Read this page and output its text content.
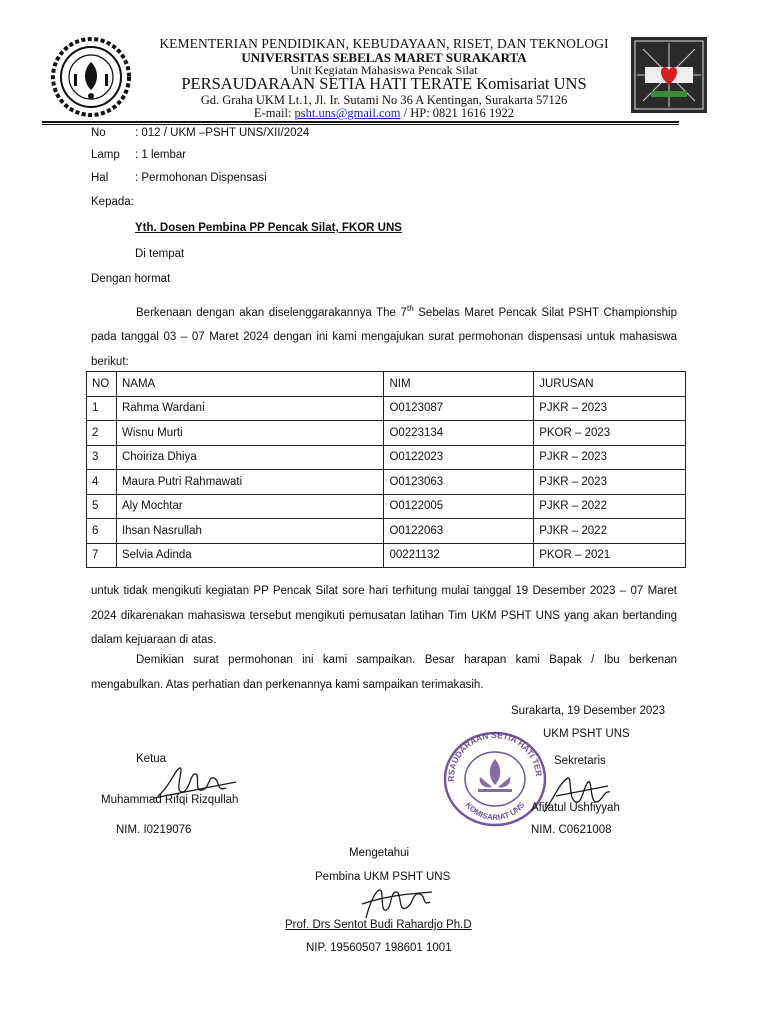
KEMENTERIAN PENDIDIKAN, KEBUDAYAAN, RISET, DAN TEKNOLOGI
UNIVERSITAS SEBELAS MARET SURAKARTA
Unit Kegiatan Mahasiswa Pencak Silat
PERSAUDARAAN SETIA HATI TERATE Komisariat UNS
Gd. Graha UKM Lt.1, Jl. Ir. Sutami No 36 A Kentingan, Surakarta 57126
E-mail: psht.uns@gmail.com / HP: 0821 1616 1922
No	: 012 / UKM –PSHT UNS/XII/2024
Lamp : 1 lembar
Hal : Permohonan Dispensasi
Kepada:
Yth. Dosen Pembina PP Pencak Silat, FKOR UNS
Di tempat
Dengan hormat
Berkenaan dengan akan diselenggarakannya The 7th Sebelas Maret Pencak Silat PSHT Championship pada tanggal 03 – 07 Maret 2024 dengan ini kami mengajukan surat permohonan dispensasi untuk mahasiswa berikut:
NO	NAMA	NIM	JURUSAN
1	Rahma Wardani	O0123087	PJKR – 2023
2	Wisnu Murti	O0223134	PKOR – 2023
3	Choiriza Dhiya	O0122023	PJKR – 2023
4	Maura Putri Rahmawati	O0123063	PJKR – 2023
5	Aly Mochtar	O0122005	PJKR – 2022
6	Ihsan Nasrullah	O0122063	PJKR – 2022
7	Selvia Adinda	00221132	PKOR – 2021
untuk tidak mengikuti kegiatan PP Pencak Silat sore hari terhitung mulai tanggal 19 Desember 2023 – 07 Maret 2024 dikarenakan mahasiswa tersebut mengikuti pemusatan latihan Tim UKM PSHT UNS yang akan bertanding dalam kejuaraan di atas.
Demikian surat permohonan ini kami sampaikan. Besar harapan kami Bapak / Ibu berkenan mengabulkan. Atas perhatian dan perkenannya kami sampaikan terimakasih.
Surakarta, 19 Desember 2023
UKM PSHT UNS
RSAUDARAAN SETIA HATI TER
KOMISARIAT UNS
Ketua	Sekretaris
Muhammad Rifqi Rizqullah
Afifatul Ushfiyyah
NIM. I0219076	NIM. C0621008
Mengetahui
Pembina UKM PSHT UNS
Prof. Drs Sentot Budi Rahardjo Ph.D
NIP. 19560507 198601 1001
